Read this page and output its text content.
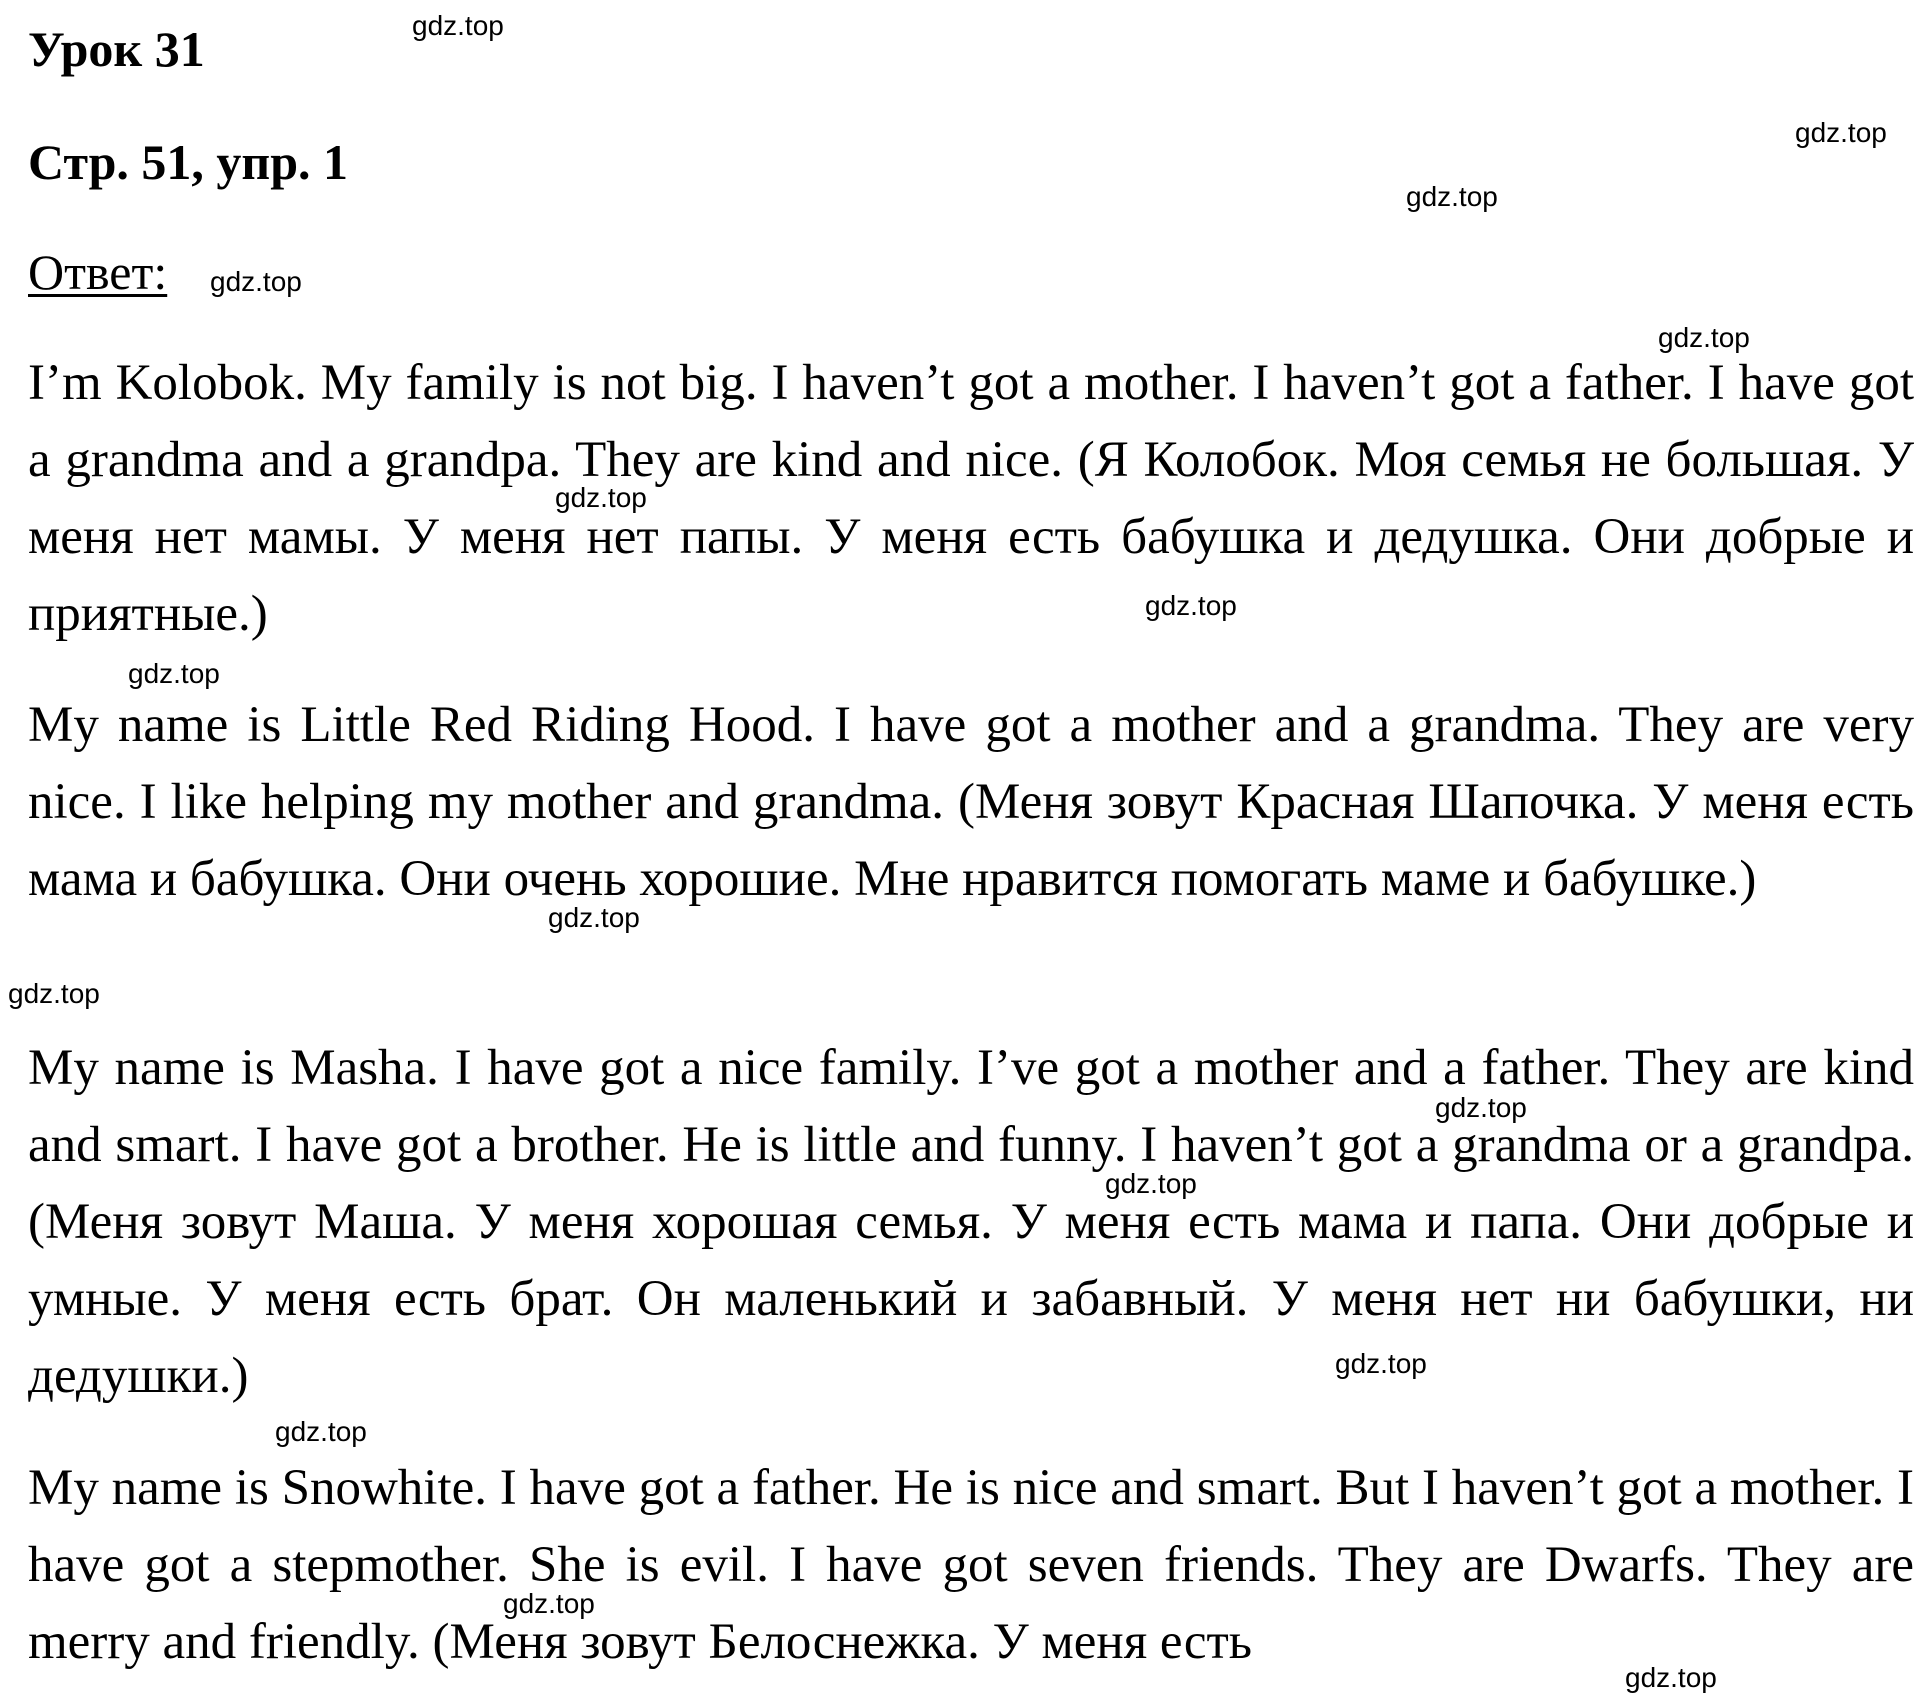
Урок 31
Стр. 51, упр. 1
Ответ:

I’m Kolobok. My family is not big. I haven’t got a mother. I haven’t got a father. I have got a grandma and a grandpa. They are kind and nice. (Я Колобок. Моя семья не большая. У меня нет мамы. У меня нет папы. У меня есть бабушка и дедушка. Они добрые и приятные.)

My name is Little Red Riding Hood. I have got a mother and a grandma. They are very nice. I like helping my mother and grandma. (Меня зовут Красная Шапочка. У меня есть мама и бабушка. Они очень хорошие. Мне нравится помогать маме и бабушке.)

My name is Masha. I have got a nice family. I’ve got a mother and a father. They are kind and smart. I have got a brother. He is little and funny. I haven’t got a grandma or a grandpa. (Меня зовут Маша. У меня хорошая семья. У меня есть мама и папа. Они добрые и умные. У меня есть брат. Он маленький и забавный. У меня нет ни бабушки, ни дедушки.)

My name is Snowhite. I have got a father. He is nice and smart. But I haven’t got a mother. I have got a stepmother. She is evil. I have got seven friends. They are Dwarfs. They are merry and friendly. (Меня зовут Белоснежка. У меня есть

gdz.top
gdz.top
gdz.top
gdz.top
gdz.top
gdz.top
gdz.top
gdz.top
gdz.top
gdz.top
gdz.top
gdz.top
gdz.top
gdz.top
gdz.top
gdz.top
